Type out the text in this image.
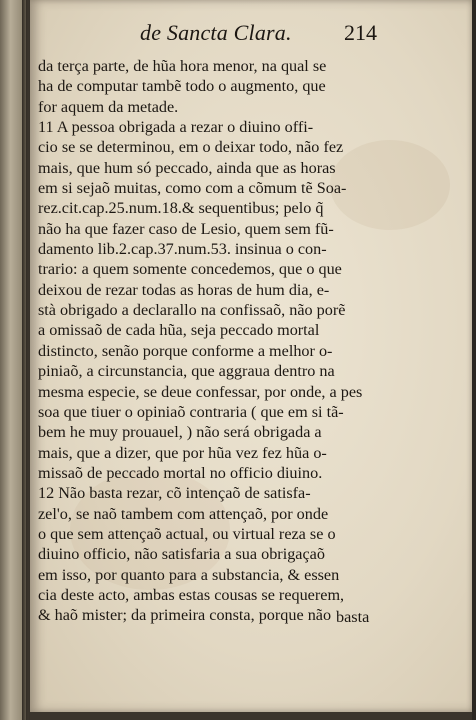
de Sancta Clara. 214
da terça parte, de hũa hora menor, na qual se
ha de computar tambẽ todo o augmento, que
for aquem da metade.
11 A pessoa obrigada a rezar o diuino offi-
cio se se determinou, em o deixar todo, não fez
mais, que hum só peccado, ainda que as horas
em si sejaõ muitas, como com a cõmum tẽ Soa-
rez.cit.cap.25.num.18.& sequentibus; pelo q̃
não ha que fazer caso de Lesio, quem sem fũ-
damento lib.2.cap.37.num.53. insinua o con-
trario: a quem somente concedemos, que o que
deixou de rezar todas as horas de hum dia, e-
stà obrigado a declarallo na confissaõ, não porẽ
a omissaõ de cada hũa, seja peccado mortal
distincto, senão porque conforme a melhor o-
piniaõ, a circunstancia, que aggraua dentro na
mesma especie, se deue confessar, por onde, a pes
soa que tiuer o opiniaõ contraria ( que em si tã-
bem he muy prouauel, ) não será obrigada a
mais, que a dizer, que por hũa vez fez hũa o-
missaõ de peccado mortal no officio diuino.
12 Não basta rezar, cõ intençaõ de satisfa-
zel'o, se naõ tambem com attençaõ, por onde
o que sem attençaõ actual, ou virtual reza se o
diuino officio, não satisfaria a sua obrigaçaõ
em isso, por quanto para a substancia, & essen
cia deste acto, ambas estas cousas se requerem,
& haõ mister; da primeira consta, porque não basta
